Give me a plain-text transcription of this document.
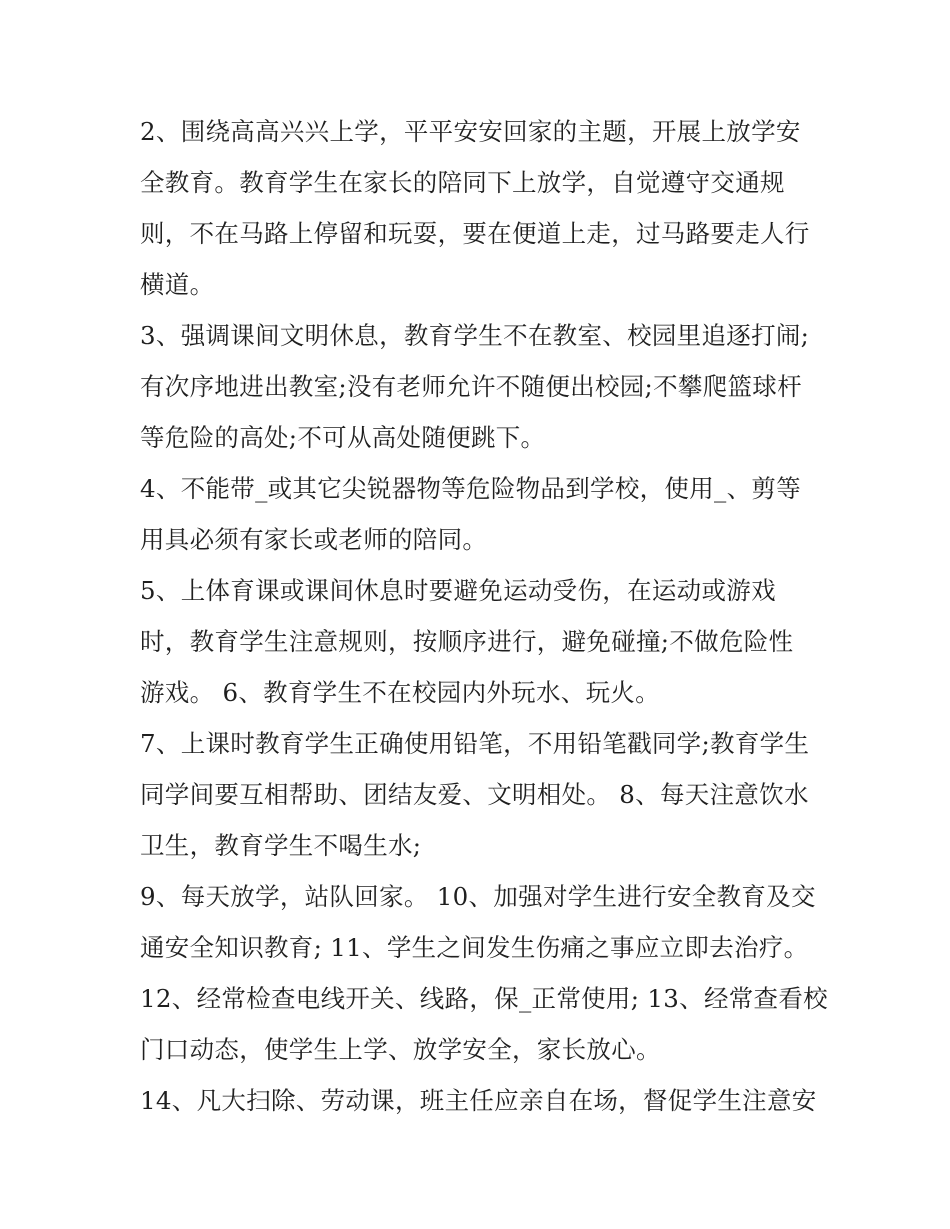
2、围绕高高兴兴上学，平平安安回家的主题，开展上放学安
全教育。教育学生在家长的陪同下上放学，自觉遵守交通规
则，不在马路上停留和玩耍，要在便道上走，过马路要走人行
横道。
3、强调课间文明休息，教育学生不在教室、校园里追逐打闹;
有次序地进出教室;没有老师允许不随便出校园;不攀爬篮球杆
等危险的高处;不可从高处随便跳下。
4、不能带_或其它尖锐器物等危险物品到学校，使用_、剪等
用具必须有家长或老师的陪同。
5、上体育课或课间休息时要避免运动受伤，在运动或游戏
时，教育学生注意规则，按顺序进行，避免碰撞;不做危险性
游戏。 6、教育学生不在校园内外玩水、玩火。
7、上课时教育学生正确使用铅笔，不用铅笔戳同学;教育学生
同学间要互相帮助、团结友爱、文明相处。 8、每天注意饮水
卫生，教育学生不喝生水;
9、每天放学，站队回家。 10、加强对学生进行安全教育及交
通安全知识教育; 11、学生之间发生伤痛之事应立即去治疗。
12、经常检查电线开关、线路，保_正常使用; 13、经常查看校
门口动态，使学生上学、放学安全，家长放心。
14、凡大扫除、劳动课，班主任应亲自在场，督促学生注意安
